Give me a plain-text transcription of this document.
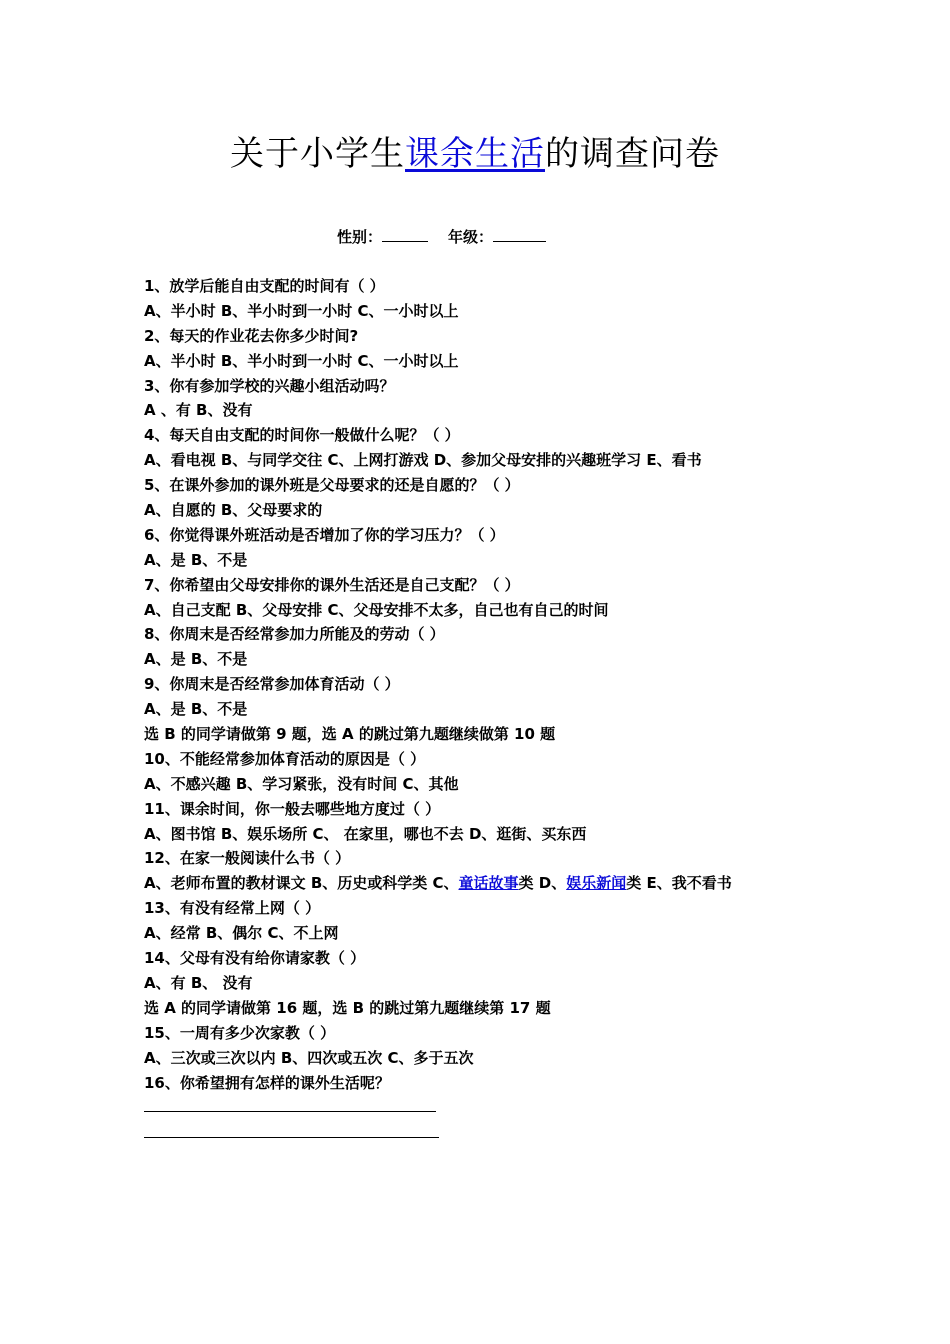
关于小学生课余生活的调查问卷
性别：	年级：
1、放学后能自由支配的时间有（ ）
A、半小时 B、半小时到一小时 C、一小时以上
2、每天的作业花去你多少时间?
A、半小时 B、半小时到一小时 C、一小时以上
3、你有参加学校的兴趣小组活动吗？
A 、有 B、没有
4、每天自由支配的时间你一般做什么呢？（ ）
A、看电视 B、与同学交往 C、上网打游戏 D、参加父母安排的兴趣班学习 E、看书
5、在课外参加的课外班是父母要求的还是自愿的？（ ）
A、自愿的 B、父母要求的
6、你觉得课外班活动是否增加了你的学习压力？（ ）
A、是 B、不是
7、你希望由父母安排你的课外生活还是自己支配？（ ）
A、自己支配 B、父母安排 C、父母安排不太多，自己也有自己的时间
8、你周末是否经常参加力所能及的劳动（ ）
A、是 B、不是
9、你周末是否经常参加体育活动（ ）
A、是 B、不是
选 B 的同学请做第 9 题，选 A 的跳过第九题继续做第 10 题
10、不能经常参加体育活动的原因是（ ）
A、不感兴趣 B、学习紧张，没有时间 C、其他
11、课余时间，你一般去哪些地方度过（ ）
A、图书馆 B、娱乐场所 C、 在家里，哪也不去 D、逛街、买东西
12、在家一般阅读什么书（ ）
A、老师布置的教材课文 B、历史或科学类 C、童话故事类 D、娱乐新闻类 E、我不看书
13、有没有经常上网（ ）
A、经常 B、偶尔 C、不上网
14、父母有没有给你请家教（ ）
A、有 B、 没有
选 A 的同学请做第 16 题，选 B 的跳过第九题继续第 17 题
15、一周有多少次家教（ ）
A、三次或三次以内 B、四次或五次 C、多于五次
16、你希望拥有怎样的课外生活呢？
